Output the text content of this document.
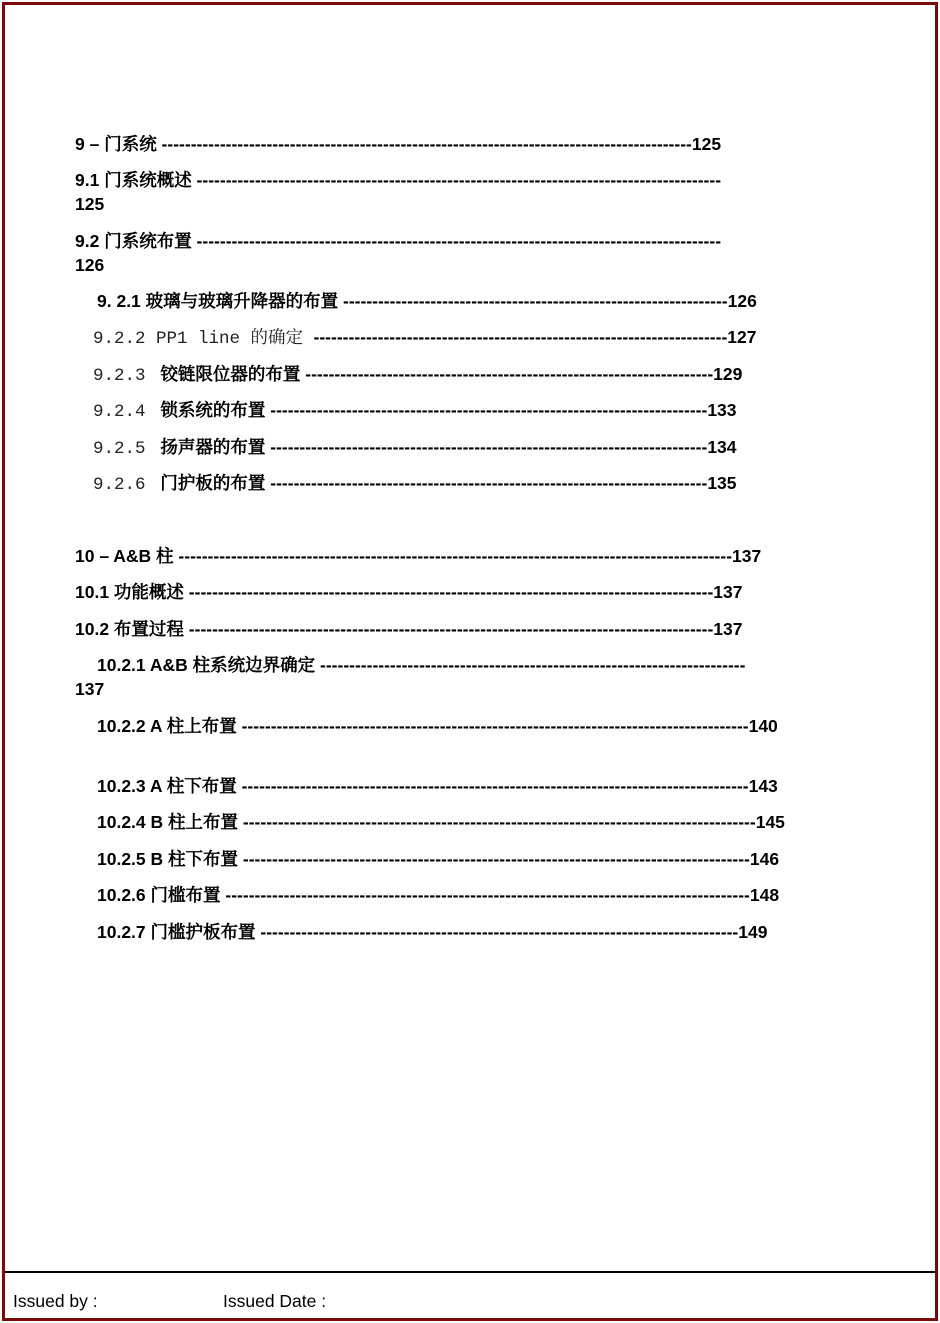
9 – 门系统 -------------------------------------------------------------------------------------------125
9.1 门系统概述 ------------------------------------------------------------------------------------------
125
9.2 门系统布置 ------------------------------------------------------------------------------------------
126
9. 2.1 玻璃与玻璃升降器的布置 ------------------------------------------------------------------126
9.2.2 PP1 line 的确定 -----------------------------------------------------------------------127
9.2.3 铰链限位器的布置 ----------------------------------------------------------------------129
9.2.4 锁系统的布置 ---------------------------------------------------------------------------133
9.2.5 扬声器的布置 ---------------------------------------------------------------------------134
9.2.6 门护板的布置 ---------------------------------------------------------------------------135
10 – A&B 柱 -----------------------------------------------------------------------------------------------137
10.1 功能概述 ------------------------------------------------------------------------------------------137
10.2 布置过程 ------------------------------------------------------------------------------------------137
10.2.1 A&B 柱系统边界确定 -------------------------------------------------------------------------
137
10.2.2 A 柱上布置 ---------------------------------------------------------------------------------------140
10.2.3 A 柱下布置 ---------------------------------------------------------------------------------------143
10.2.4 B 柱上布置 ----------------------------------------------------------------------------------------145
10.2.5 B 柱下布置 ---------------------------------------------------------------------------------------146
10.2.6 门槛布置 ------------------------------------------------------------------------------------------148
10.2.7 门槛护板布置 ----------------------------------------------------------------------------------149
Issued by :	Issued Date :
